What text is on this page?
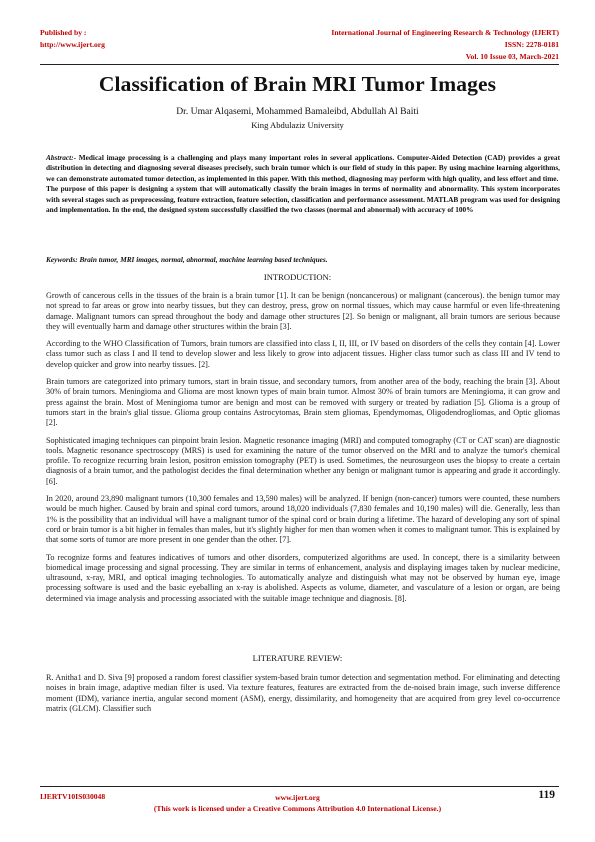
Published by :
http://www.ijert.org
International Journal of Engineering Research & Technology (IJERT)
ISSN: 2278-0181
Vol. 10 Issue 03, March-2021
Classification of Brain MRI Tumor Images
Dr. Umar Alqasemi, Mohammed Bamaleibd, Abdullah Al Baiti
King Abdulaziz University

Abstract:- Medical image processing is a challenging and plays many important roles in several applications. Computer-Aided Detection (CAD) provides a great distribution in detecting and diagnosing several diseases precisely, such brain tumor which is our field of study in this paper. By using machine learning algorithms, we can demonstrate automated tumor detection, as implemented in this paper. With this method, diagnosing may perform with high quality, and less effort and time.

The purpose of this paper is designing a system that will automatically classify the brain images in terms of normality and abnormality. This system incorporates with several stages such as preprocessing, feature extraction, feature selection, classification and performance assessment. MATLAB program was used for designing and implementation. In the end, the designed system successfully classified the two classes (normal and abnormal) with accuracy of 100%

Keywords: Brain tumor, MRI images, normal, abnormal, machine learning based techniques.
INTRODUCTION:

Growth of cancerous cells in the tissues of the brain is a brain tumor [1]. It can be benign (noncancerous) or malignant (cancerous). the benign tumor may not spread to far areas or grow into nearby tissues, but they can destroy, press, grow on normal tissues, which may cause harmful or even life-threatening damage. Malignant tumors can spread throughout the body and damage other structures [2]. So benign or malignant, all brain tumors are serious because they will eventually harm and damage other structures within the brain [3].

According to the WHO Classification of Tumors, brain tumors are classified into class I, II, III, or IV based on disorders of the cells they contain [4]. Lower class tumor such as class I and II tend to develop slower and less likely to grow into adjacent tissues. Higher class tumor such as class III and IV tend to develop quicker and grow into nearby tissues. [2].

Brain tumors are categorized into primary tumors, start in brain tissue, and secondary tumors, from another area of the body, reaching the brain [3]. About 30% of brain tumors. Meningioma and Glioma are most known types of main brain tumor. Almost 30% of brain tumors are Meningioma, it can grow and press against the brain. Most of Meningioma tumor are benign and most can be removed with surgery or treated by radiation [5]. Glioma is a group of tumors start in the brain's glial tissue. Glioma group contains Astrocytomas, Brain stem gliomas, Ependymomas, Oligodendrogliomas, and Optic gliomas [2].

Sophisticated imaging techniques can pinpoint brain lesion. Magnetic resonance imaging (MRI) and computed tomography (CT or CAT scan) are diagnostic tools. Magnetic resonance spectroscopy (MRS) is used for examining the nature of the tumor observed on the MRI and to analyze the tumor's chemical profile. To recognize recurring brain lesion, positron emission tomography (PET) is used. Sometimes, the neurosurgeon uses the biopsy to create a certain diagnosis of a brain tumor, and the pathologist decides the final determination whether any benign or malignant tumor is appearing and grade it accordingly. [6].

In 2020, around 23,890 malignant tumors (10,300 females and 13,590 males) will be analyzed. If benign (non-cancer) tumors were counted, these numbers would be much higher. Caused by brain and spinal cord tumors, around 18,020 individuals (7,830 females and 10,190 males) will die. Generally, less than 1% is the possibility that an individual will have a malignant tumor of the spinal cord or brain during a lifetime. The hazard of developing any sort of spinal cord or brain tumor is a bit higher in females than males, but it's slightly higher for men than women when it comes to malignant tumor. This is explained by that some sorts of tumor are more present in one gender than the other. [7].

To recognize forms and features indicatives of tumors and other disorders, computerized algorithms are used. In concept, there is a similarity between biomedical image processing and signal processing. They are similar in terms of enhancement, analysis and displaying images taken by nuclear medicine, ultrasound, x-ray, MRI, and optical imaging technologies. To automatically analyze and distinguish what may not be observed by human eye, image processing software is used and the basic eyeballing an x-ray is abolished. Aspects as volume, diameter, and vasculature of a lesion or organ, are being determined via image analysis and processing associated with the suitable image technique and diagnosis. [8].

LITERATURE REVIEW:

R. Anitha1 and D. Siva [9] proposed a random forest classifier system-based brain tumor detection and segmentation method. For eliminating and detecting noises in brain image, adaptive median filter is used. Via texture features, features are extracted from the de-noised brain image, such inverse difference moment (IDM), variance inertia, angular second moment (ASM), energy, dissimilarity, and homogeneity that are acquired from grey level co-occurrence matrix (GLCM). Classifier such

IJERTV10IS030048	www.ijert.org
(This work is licensed under a Creative Commons Attribution 4.0 International License.)
119
